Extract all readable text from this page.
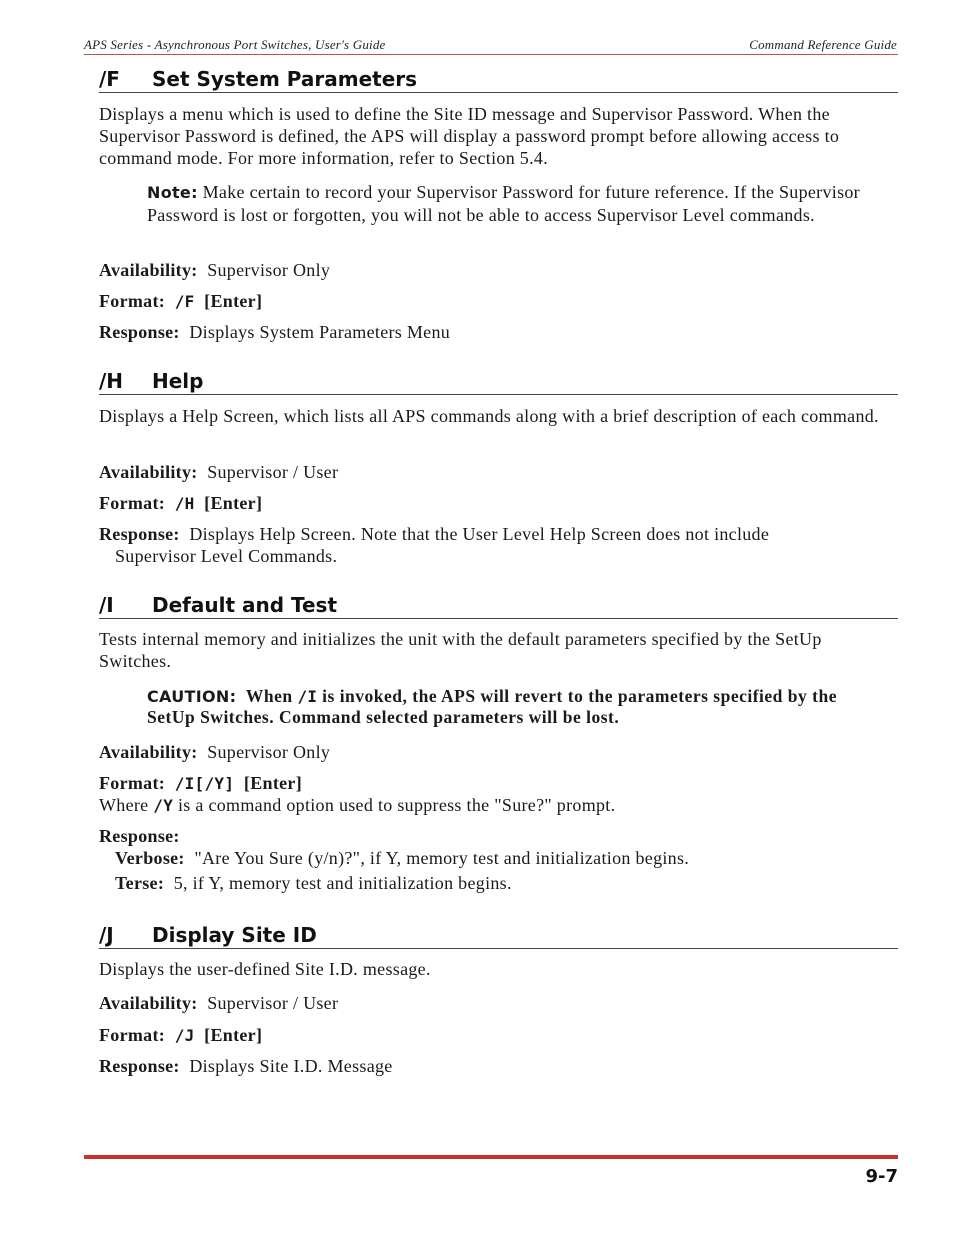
APS Series - Asynchronous Port Switches, User's Guide	Command Reference Guide
/F Set System Parameters
Displays a menu which is used to define the Site ID message and Supervisor Password. When the Supervisor Password is defined, the APS will display a password prompt before allowing access to command mode. For more information, refer to Section 5.4.
Note: Make certain to record your Supervisor Password for future reference. If the Supervisor Password is lost or forgotten, you will not be able to access Supervisor Level commands.
Availability: Supervisor Only
Format: /F [Enter]
Response: Displays System Parameters Menu
/H Help
Displays a Help Screen, which lists all APS commands along with a brief description of each command.
Availability: Supervisor / User
Format: /H [Enter]
Response: Displays Help Screen. Note that the User Level Help Screen does not include
Supervisor Level Commands.
/I Default and Test
Tests internal memory and initializes the unit with the default parameters specified by the SetUp Switches.
CAUTION: When /I is invoked, the APS will revert to the parameters specified by the SetUp Switches. Command selected parameters will be lost.
Availability: Supervisor Only
Format: /I[/Y] [Enter]
Where /Y is a command option used to suppress the "Sure?" prompt.
Response:
Verbose: "Are You Sure (y/n)?", if Y, memory test and initialization begins.
Terse: 5, if Y, memory test and initialization begins.
/J Display Site ID
Displays the user-defined Site I.D. message.
Availability: Supervisor / User
Format: /J [Enter]
Response: Displays Site I.D. Message
9-7
